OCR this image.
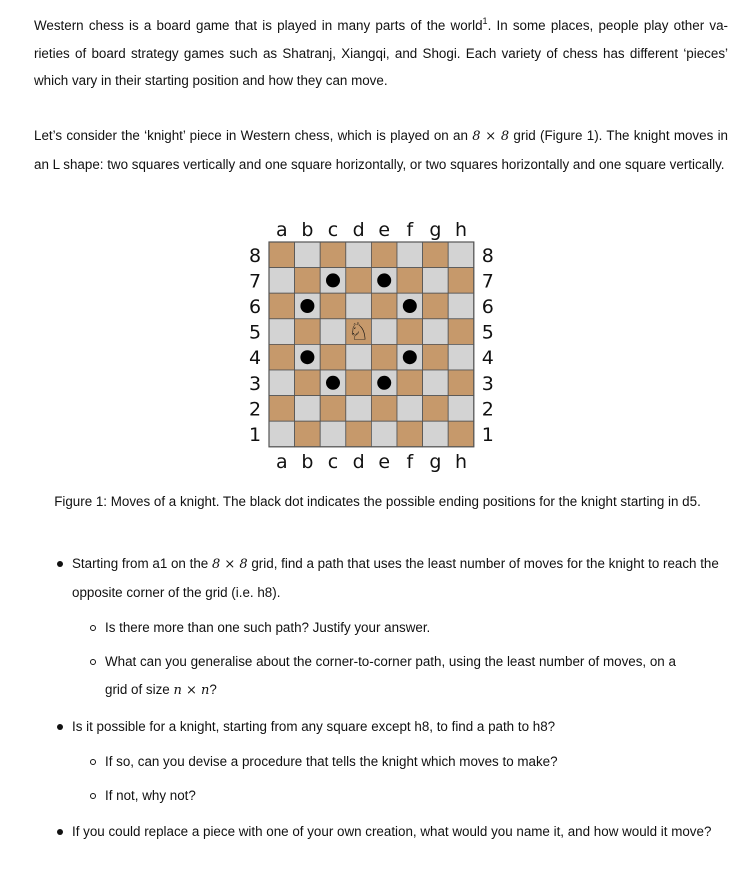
Western chess is a board game that is played in many parts of the world$^1$. In some places, people play other va-rieties of board strategy games such as Shatranj, Xiangqi, and Shogi. Each variety of chess has different ‘pieces’ which vary in their starting position and how they can move.

Let’s consider the ‘knight’ piece in Western chess, which is played on an 8 × 8 grid (Figure 1). The knight moves in an L shape: two squares vertically and one square horizontally, or two squares horizontally and one square vertically.

a
a
b
b
c
c
d
d
e
e
f
f
g
g
h
h
8	8
7	7
6	6
5	5
4	4
3	3
2	2
1	1
♘

Figure 1: Moves of a knight. The black dot indicates the possible ending positions for the knight starting in d5.

Starting from a1 on the 8 × 8 grid, find a path that uses the least number of moves for the knight to reach the opposite corner of the grid (i.e. h8).
Is there more than one such path? Justify your answer.
What can you generalise about the corner-to-corner path, using the least number of moves, on a grid of size n × n?
Is it possible for a knight, starting from any square except h8, to find a path to h8?
If so, can you devise a procedure that tells the knight which moves to make?
If not, why not?
If you could replace a piece with one of your own creation, what would you name it, and how would it move?
